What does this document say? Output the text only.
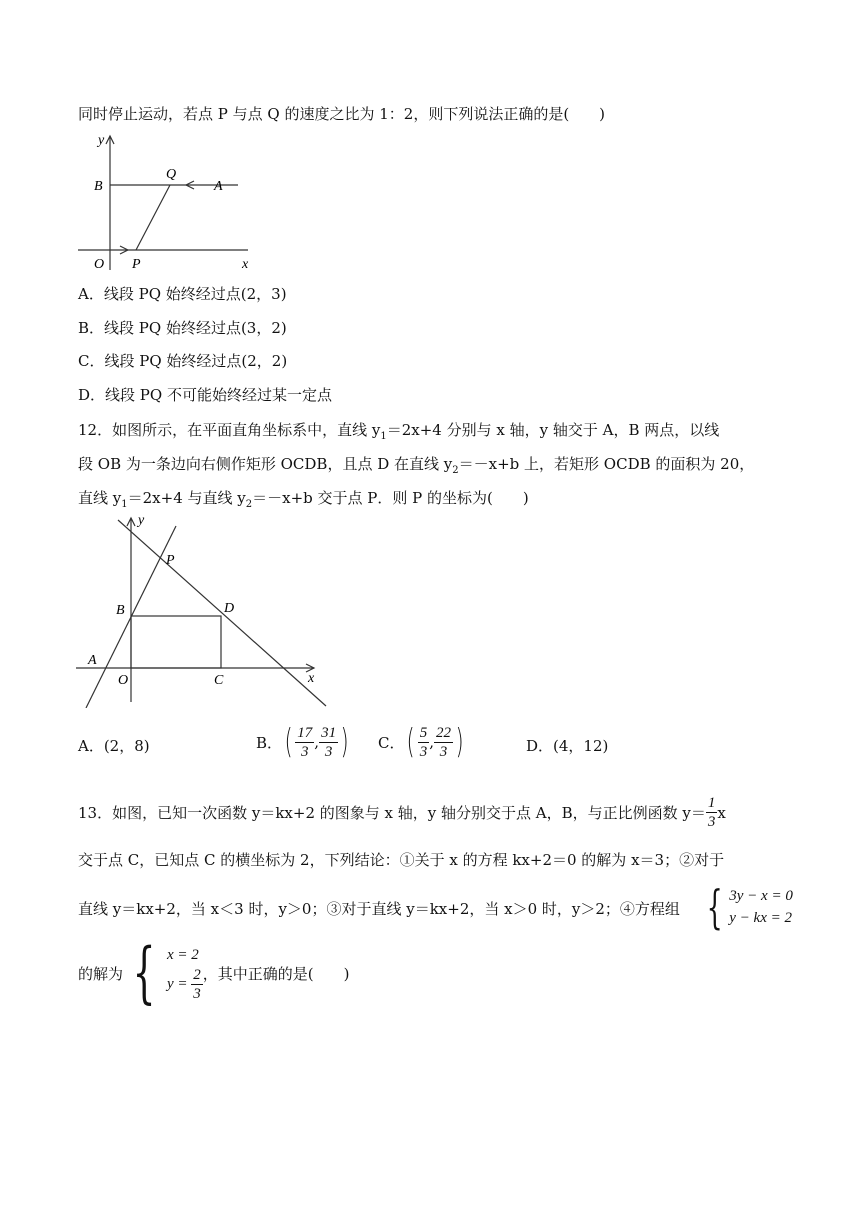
同时停止运动，若点 P 与点 Q 的速度之比为 1：2，则下列说法正确的是(　　)
y
B
Q
A
O P	x
A．线段 PQ 始终经过点(2，3)
B．线段 PQ 始终经过点(3，2)
C．线段 PQ 始终经过点(2，2)
D．线段 PQ 不可能始终经过某一定点
12．如图所示，在平面直角坐标系中，直线 $y_1=2x+4$ 分别与 x 轴，y 轴交于 A，B 两点，以线
段 OB 为一条边向右侧作矩形 OCDB，且点 D 在直线 $y_2=-x+b$ 上，若矩形 OCDB 的面积为 20，
直线 $y_1=2x+4$ 与直线 $y_2=-x+b$ 交于点 P．则 P 的坐标为(　　)
y
P
B	D
A
O	C	x
A．(2，8)	B． ( $\frac{17}{3}$ , $\frac{31}{3}$ ) C． ( $\frac{5}{3}$ , $\frac{22}{3}$ )	D．(4，12)
13．如图，已知一次函数 y＝kx+2 的图象与 x 轴，y 轴分别交于点 A，B，与正比例函数 $y= \frac{1}{3}$ x
交于点 C，已知点 C 的横坐标为 2，下列结论：①关于 x 的方程 kx+2＝0 的解为 x＝3；②对于
直线 y＝kx+2，当 x＜3 时，y＞0；③对于直线 y＝kx+2，当 x＞0 时，y＞2；④方程组 { 3y − x = 0
y − kx = 2
的解为 { x = 2
y =
$\frac{2}{3}$ ，其中正确的是(　　)
